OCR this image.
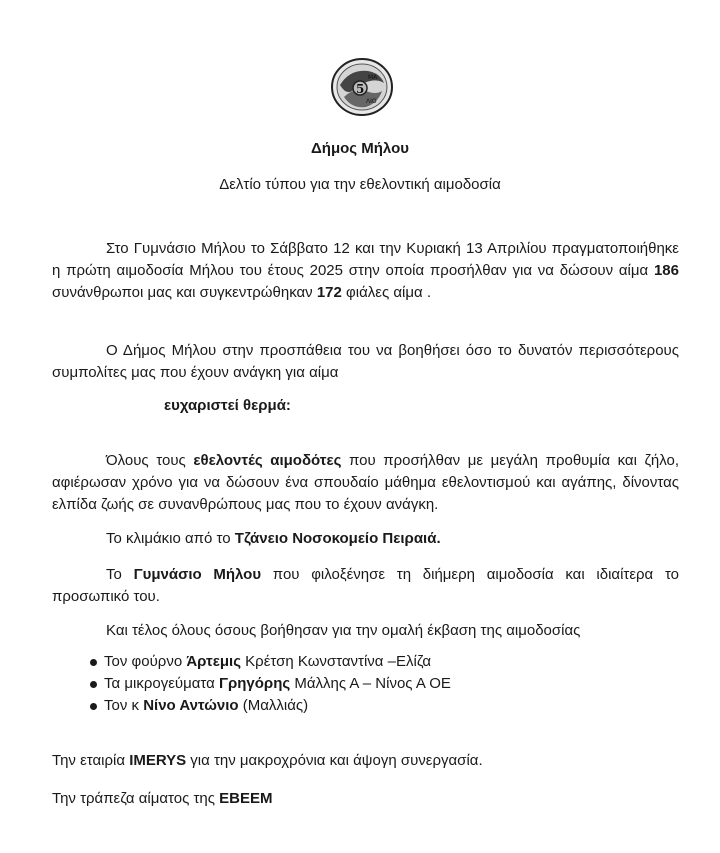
5
ΜΑ
ΛΙΟ
Δήμος Μήλου
Δελτίο τύπου για την εθελοντική αιμοδοσία
Στο Γυμνάσιο Μήλου το Σάββατο 12 και την Κυριακή 13 Απριλίου πραγματοποιήθηκε η πρώτη αιμοδοσία Μήλου του έτους 2025 στην οποία προσήλθαν για να δώσουν αίμα 186 συνάνθρωποι μας και συγκεντρώθηκαν 172 φιάλες αίμα .
Ο Δήμος Μήλου στην προσπάθεια του να βοηθήσει όσο το δυνατόν περισσότερους συμπολίτες μας που έχουν ανάγκη για αίμα
ευχαριστεί θερμά:
Όλους τους εθελοντές αιμοδότες που προσήλθαν με μεγάλη προθυμία και ζήλο, αφιέρωσαν χρόνο για να δώσουν ένα σπουδαίο μάθημα εθελοντισμού και αγάπης, δίνοντας ελπίδα ζωής σε συνανθρώπους μας που το έχουν ανάγκη.
Το κλιμάκιο από το Τζάνειο Νοσοκομείο Πειραιά.
Το Γυμνάσιο Μήλου που φιλοξένησε τη διήμερη αιμοδοσία και ιδιαίτερα το προσωπικό του.
Και τέλος όλους όσους βοήθησαν για την ομαλή έκβαση της αιμοδοσίας
Τον φούρνο Άρτεμις Κρέτση Κωνσταντίνα –Ελίζα
Τα μικρογεύματα Γρηγόρης Μάλλης Α – Νίνος Α ΟΕ
Τον κ Νίνο Αντώνιο (Μαλλιάς)
Την εταιρία IMERYS για την μακροχρόνια και άψογη συνεργασία.
Την τράπεζα αίματος της ΕΒΕΕΜ
